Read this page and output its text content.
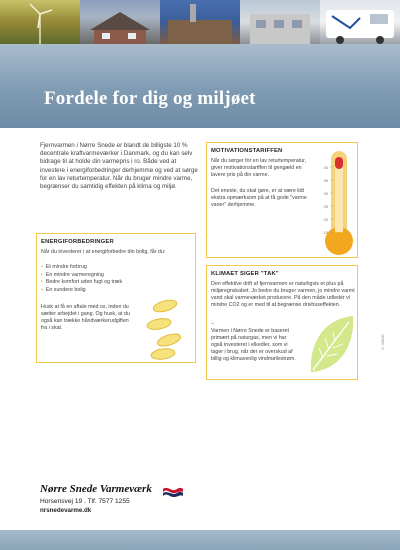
Fordele for dig og miljøet

Fjernvarmen i Nørre Snede er blandt de billigste 10 % decentrale kraftvarmeværker i Danmark, og du kan selv bidrage til at holde din varmepris i ro. Både ved at investere i energiforbedringer derhjemme og ved at sørge for en lav returtemperatur. Når du bruger mindre varme, begrænser du samtidig effekten på klima og miljø.

MOTIVATIONSTARIFFEN

Når du sørger for en lav returtemperatur, giver motivationstariffen til gengæld en lavere pris på din varme.

Det eneste, du skal gøre, er at være lidt ekstra opmærksom på at få gode "varme vaner" derhjemme.

40
35
30
25
20
15
ENERGIFORBEDRINGER

Når du investerer i at energiforbedre din bolig, får du:

• Et mindre forbrug
• En mindre varmeregning
• Bedre komfort uden fugt og træk
• En sundere bolig

Husk at få en aftale med os, inden du sætter arbejdet i gang. Og husk, at du også kan trække håndværkerudgiften fra i skat.

KLIMAET SIGER "TAK"

Den effektive drift af fjernvarmen er naturligvis et plus på miljøregnskabet. Jo bedre du bruger varmen, jo mindre varmt vand skal varmeværket producere. På den måde udleder vi mindre CO2 og er med til at begrænse drivhuseffekten.

–
Varmen i Nørre Snede er baseret primært på naturgas, men vi har også investeret i elkedler, som vi tager i brug, når der er overskud af billig og klimavenlig vindmøllestrøm.
V. 00000
Nørre Snede Varmeværk
Horsensvej 19 . Tlf. 7577 1255
nrsnedevarme.dk
